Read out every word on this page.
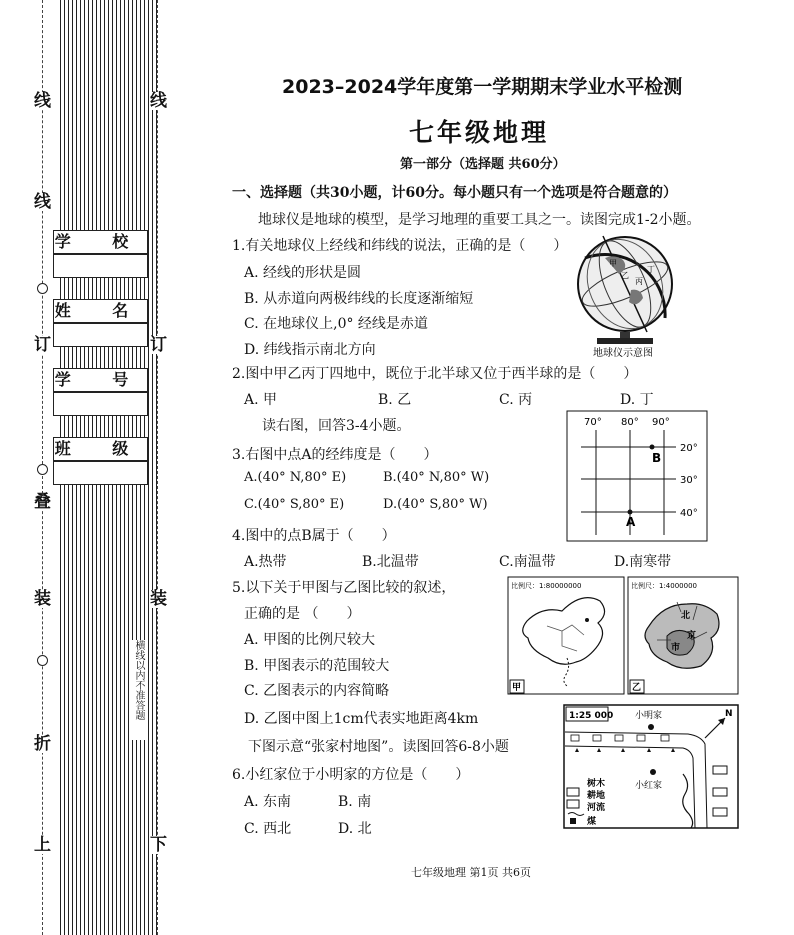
线
线
订
叠
装
折
上
线
订
装
下
学 校
姓 名
学 号
班 级
横线以内不准答题
2023–2024学年度第一学期期末学业水平检测
七年级地理
第一部分（选择题 共60分）
一、选择题（共30小题，计60分。每小题只有一个选项是符合题意的）
地球仪是地球的模型，是学习地理的重要工具之一。读图完成1-2小题。
1.有关地球仪上经线和纬线的说法，正确的是（　　）
A. 经线的形状是圆
B. 从赤道向两极纬线的长度逐渐缩短
C. 在地球仪上,0° 经线是赤道
D. 纬线指示南北方向
2.图中甲乙丙丁四地中，既位于北半球又位于西半球的是（　　）
A. 甲	B. 乙	C. 丙	D. 丁
读右图，回答3-4小题。
3.右图中点A的经纬度是（　　）
A.(40° N,80° E)	B.(40° N,80° W)
C.(40° S,80° E)	D.(40° S,80° W)
4.图中的点B属于（　　）
A.热带	B.北温带	C.南温带	D.南寒带
5.以下关于甲图与乙图比较的叙述，
正确的是 （　　）
A. 甲图的比例尺较大
B. 甲图表示的范围较大
C. 乙图表示的内容简略
D. 乙图中图上1cm代表实地距离4km
下图示意“张家村地图”。读图回答6-8小题
6.小红家位于小明家的方位是（　　）
A. 东南	B. 南
C. 西北	D. 北
甲
乙
丙
丁
地球仪示意图
70° 80° 90°
20°
30°
40°
A
B
比例尺：1:80000000
甲
比例尺：1:4000000
北
京
市
乙
1:25 000	N
小明家
小红家
树木
耕地
河流
煤
七年级地理 第1页 共6页
